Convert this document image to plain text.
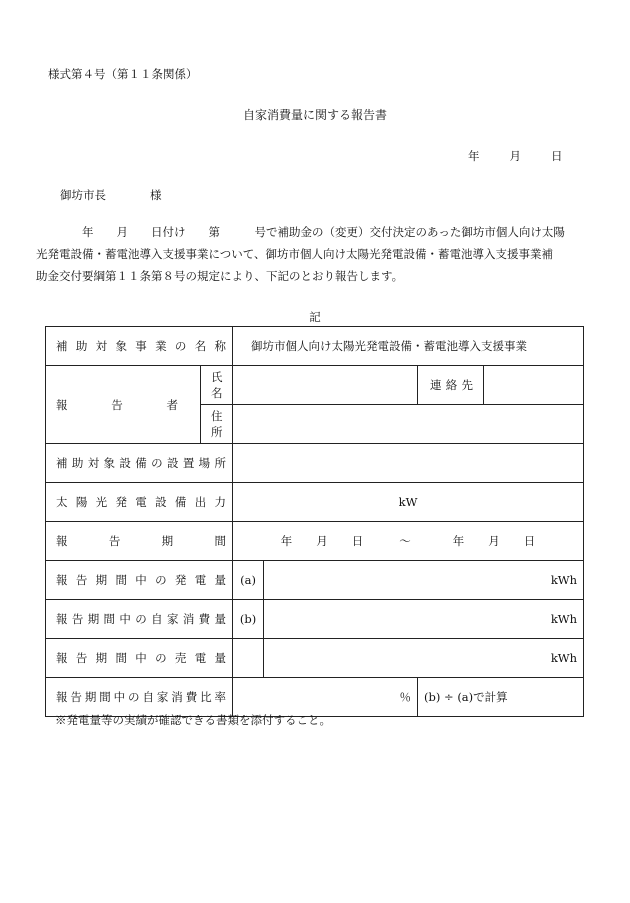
様式第４号（第１１条関係）
自家消費量に関する報告書
年	月	日
御坊市長	様
年　　月　　日付け　　第　　　号で補助金の（変更）交付決定のあった御坊市個人向け太陽
光発電設備・蓄電池導入支援事業について、御坊市個人向け太陽光発電設備・蓄電池導入支援事業補
助金交付要綱第１１条第８号の規定により、下記のとおり報告します。
記
補助対象事業の名称		御坊市個人向け太陽光発電設備・蓄電池導入支援事業			
報告者	氏名			連絡先	
	住所				
補助対象設備の設置場所					
太陽光発電設備出力		kW			
報告期間		年 月 日 ～ 年 月 日			
報告期間中の発電量		(a)	kWh		
報告期間中の自家消費量		(b)	kWh		
報告期間中の売電量			kWh		
報告期間中の自家消費比率		％		(b) ÷ (a)で計算	
※発電量等の実績が確認できる書類を添付すること。
